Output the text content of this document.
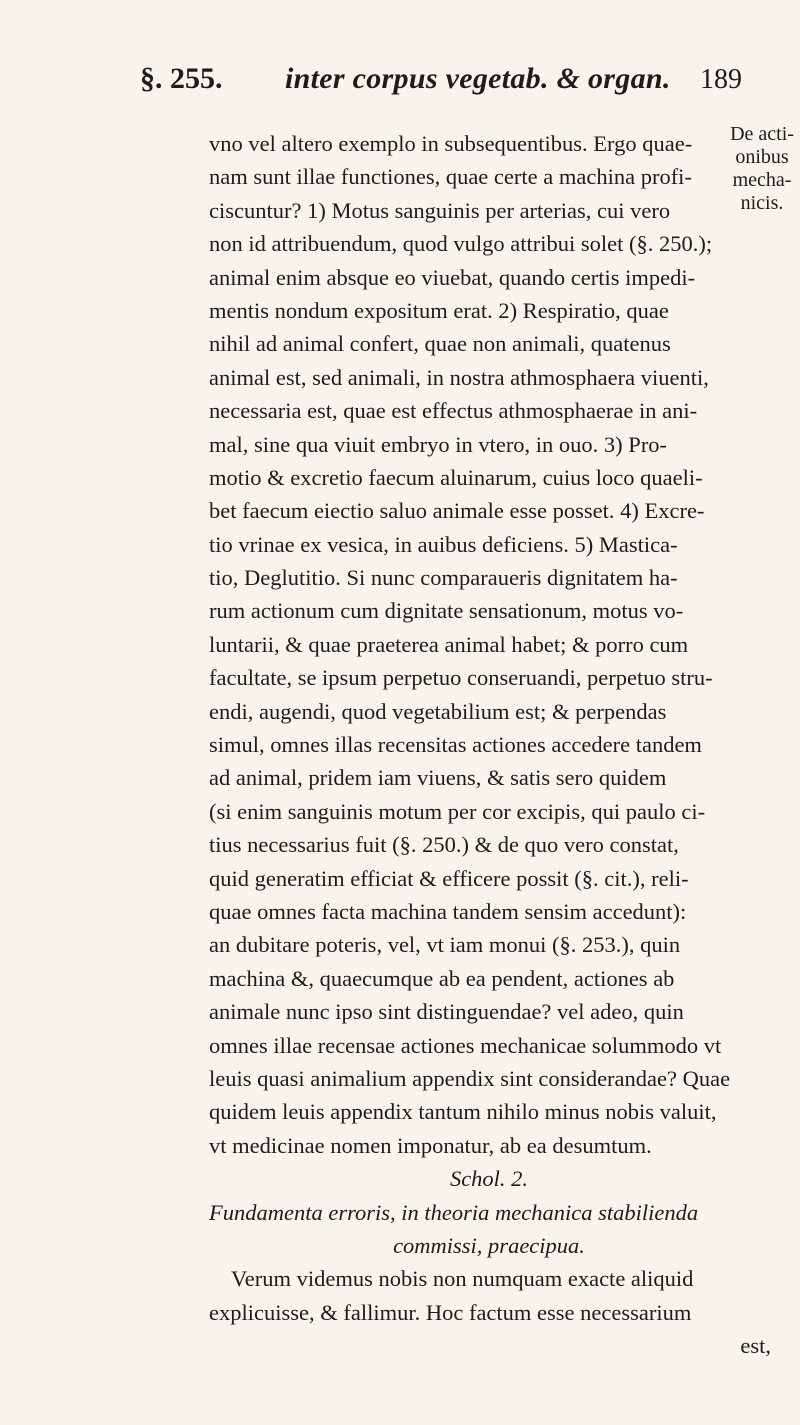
§. 255. inter corpus vegetab. & organ. 189
De acti-
onibus
mecha-
nicis.
vno vel altero exemplo in subsequentibus. Ergo quae-
nam sunt illae functiones, quae certe a machina profi-
ciscuntur? 1) Motus sanguinis per arterias, cui vero
non id attribuendum, quod vulgo attribui solet (§. 250.);
animal enim absque eo viuebat, quando certis impedi-
mentis nondum expositum erat. 2) Respiratio, quae
nihil ad animal confert, quae non animali, quatenus
animal est, sed animali, in nostra athmosphaera viuenti,
necessaria est, quae est effectus athmosphaerae in ani-
mal, sine qua viuit embryo in vtero, in ouo. 3) Pro-
motio & excretio faecum aluinarum, cuius loco quaeli-
bet faecum eiectio saluo animale esse posset. 4) Excre-
tio vrinae ex vesica, in auibus deficiens. 5) Mastica-
tio, Deglutitio. Si nunc comparaueris dignitatem ha-
rum actionum cum dignitate sensationum, motus vo-
luntarii, & quae praeterea animal habet; & porro cum
facultate, se ipsum perpetuo conseruandi, perpetuo stru-
endi, augendi, quod vegetabilium est; & perpendas
simul, omnes illas recensitas actiones accedere tandem
ad animal, pridem iam viuens, & satis sero quidem
(si enim sanguinis motum per cor excipis, qui paulo ci-
tius necessarius fuit (§. 250.) & de quo vero constat,
quid generatim efficiat & efficere possit (§. cit.), reli-
quae omnes facta machina tandem sensim accedunt):
an dubitare poteris, vel, vt iam monui (§. 253.), quin
machina &, quaecumque ab ea pendent, actiones ab
animale nunc ipso sint distinguendae? vel adeo, quin
omnes illae recensae actiones mechanicae solummodo vt
leuis quasi animalium appendix sint considerandae? Quae
quidem leuis appendix tantum nihilo minus nobis valuit,
vt medicinae nomen imponatur, ab ea desumtum.
Schol. 2.
Fundamenta erroris, in theoria mechanica stabilienda
commissi, praecipua.
Verum videmus nobis non numquam exacte aliquid
explicuisse, & fallimur. Hoc factum esse necessarium
est,
